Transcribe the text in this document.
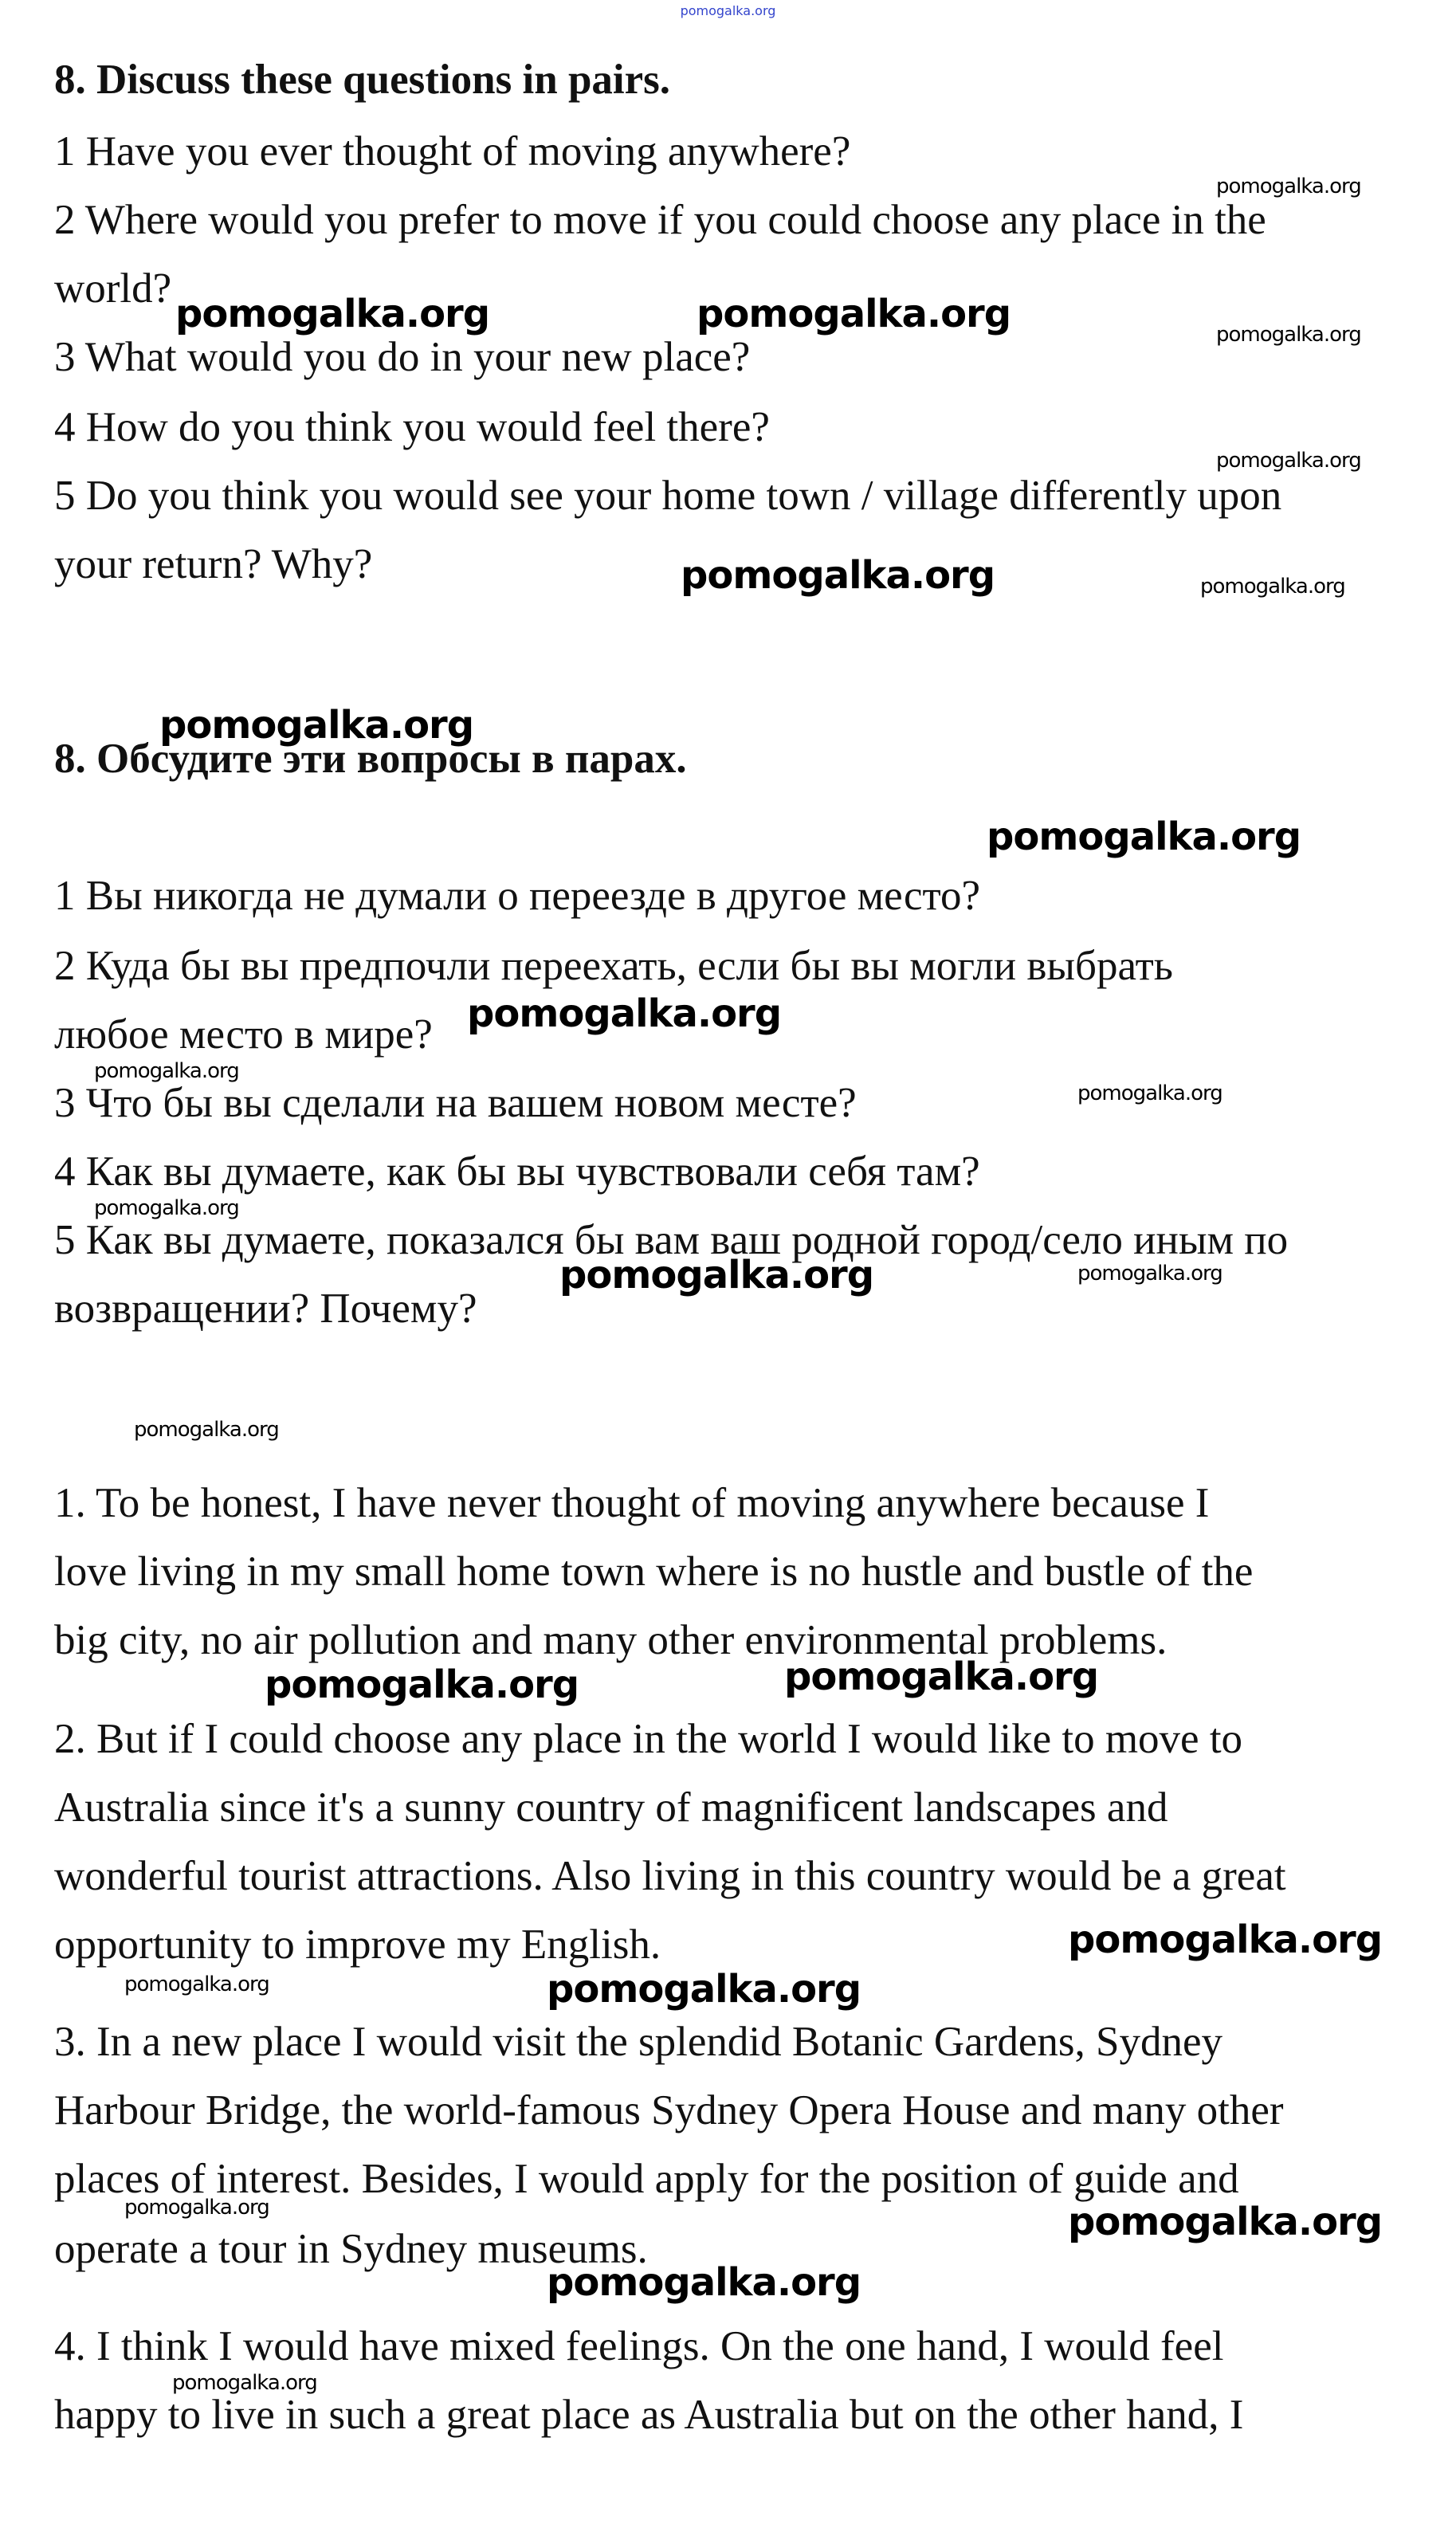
pomogalka.org
8. Discuss these questions in pairs.
1 Have you ever thought of moving anywhere?
2 Where would you prefer to move if you could choose any place in the
world?
3 What would you do in your new place?
4 How do you think you would feel there?
5 Do you think you would see your home town / village differently upon
your return? Why?
8. Обсудите эти вопросы в парах.
1 Вы никогда не думали о переезде в другое место?
2 Куда бы вы предпочли переехать, если бы вы могли выбрать
любое место в мире?
3 Что бы вы сделали на вашем новом месте?
4 Как вы думаете, как бы вы чувствовали себя там?
5 Как вы думаете, показался бы вам ваш родной город/село иным по
возвращении? Почему?
1. To be honest, I have never thought of moving anywhere because I
love living in my small home town where is no hustle and bustle of the
big city, no air pollution and many other environmental problems.
2. But if I could choose any place in the world I would like to move to
Australia since it's a sunny country of magnificent landscapes and
wonderful tourist attractions. Also living in this country would be a great
opportunity to improve my English.
3. In a new place I would visit the splendid Botanic Gardens, Sydney
Harbour Bridge, the world-famous Sydney Opera House and many other
places of interest. Besides, I would apply for the position of guide and
operate a tour in Sydney museums.
4. I think I would have mixed feelings. On the one hand, I would feel
happy to live in such a great place as Australia but on the other hand, I
pomogalka.org	pomogalka.org
pomogalka.org
pomogalka.org
pomogalka.org
pomogalka.org
pomogalka.org
pomogalka.org	pomogalka.org
pomogalka.org
pomogalka.org
pomogalka.org
pomogalka.org
pomogalka.org
pomogalka.org
pomogalka.org
pomogalka.org
pomogalka.org
pomogalka.org
pomogalka.org
pomogalka.org
pomogalka.org
pomogalka.org
pomogalka.org
pomogalka.org
